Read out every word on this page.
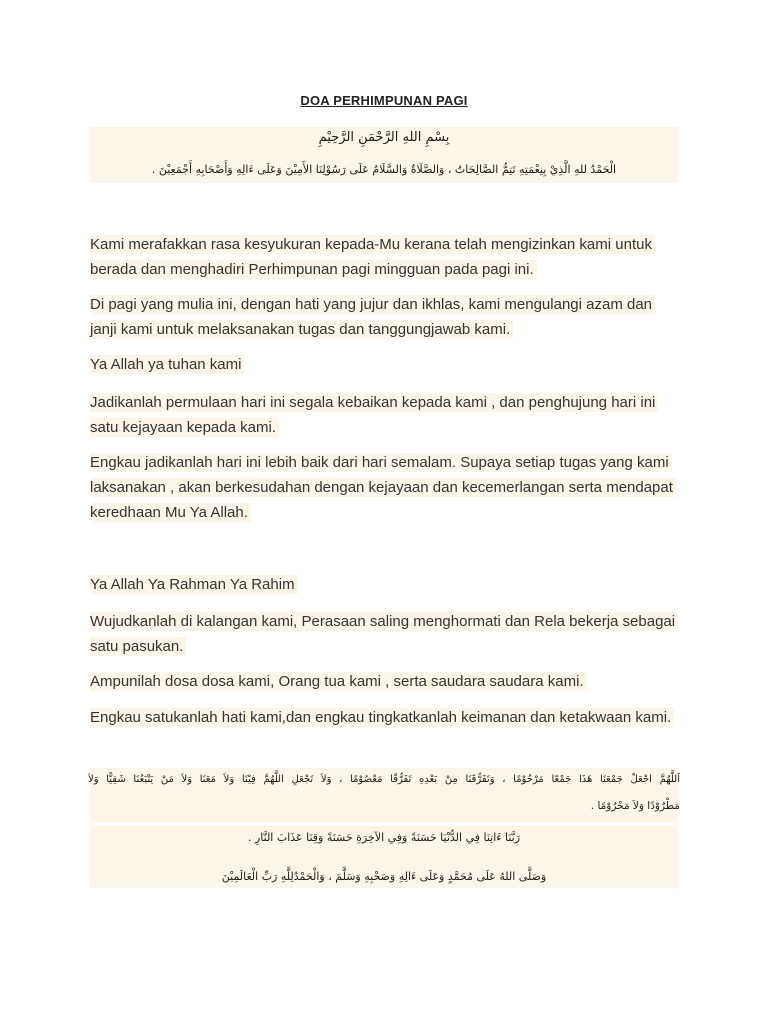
DOA PERHIMPUNAN PAGI
بِسْمِ اللهِ الرَّحْمَنِ الرَّحِيْمِ
الْحَمْدُ للهِ الَّذِيْ بِنِعْمَتِهِ تَتِمُّ الصَّالِحَاتُ ، وَالصَّلَاةُ وَالسَّلَامُ عَلَى رَسُوْلِنَا الأَمِيْنَ وَعَلَى ءَالِهِ وَأَصْحَابِهِ أَجْمَعِيْنَ .
Kami merafakkan rasa kesyukuran kepada-Mu kerana telah mengizinkan kami untuk berada dan menghadiri Perhimpunan pagi mingguan pada pagi ini.
Di pagi yang mulia ini, dengan hati yang jujur dan ikhlas, kami mengulangi azam dan janji kami untuk melaksanakan tugas dan tanggungjawab kami.
Ya Allah ya tuhan kami
Jadikanlah permulaan hari ini segala kebaikan kepada kami , dan penghujung hari ini satu kejayaan kepada kami.
Engkau jadikanlah hari ini lebih baik dari hari semalam. Supaya setiap tugas yang kami laksanakan , akan berkesudahan dengan kejayaan dan kecemerlangan serta mendapat keredhaan Mu Ya Allah.
Ya Allah Ya Rahman Ya Rahim
Wujudkanlah di kalangan kami, Perasaan saling menghormati dan Rela bekerja sebagai satu pasukan.
Ampunilah dosa dosa kami, Orang tua kami , serta saudara saudara kami.
Engkau satukanlah hati kami,dan engkau tingkatkanlah keimanan dan ketakwaan kami.
اَللَّهُمَّ اجْعَلْ جَمْعَنَا هَذَا جَمْعًا مَرْحُوْمًا ، وَتَفَرُّقَنَا مِنْ بَعْدِهِ تَفَرُّقًا مَعْصُوْمًا ، وَلاَ تَجْعَلِ اللَّهُمَّ فِيْنَا وَلاَ مَعَنَا وَلاَ مَنْ يَتْبَعُنَا شَقِيًّا وَلاَ
مَطْرُوْدًا وَلاَ مَحْرُوْمًا .
رَبَّنَا ءَاتِنَا فِي الدُّنْيَا حَسَنَةً وَفِي الآخِرَةِ حَسَنَةً وَقِنَا عَذَابَ النَّارِ .
وَصَلَّى اللهُ عَلَى مُحَمَّدٍ وَعَلَى ءَالِهِ وَصَحْبِهِ وَسَلَّمَ ، وَالْحَمْدُلِلَّهِ رَبِّ الْعَالَمِيْنَ
